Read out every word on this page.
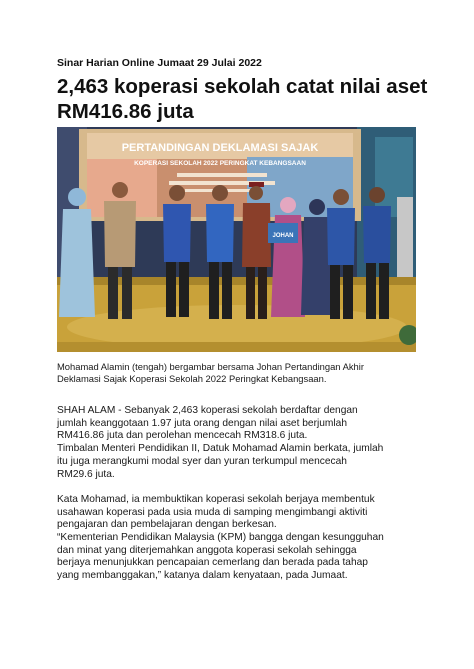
Sinar Harian Online Jumaat 29 Julai 2022
2,463 koperasi sekolah catat nilai aset
RM416.86 juta
PERTANDINGAN DEKLAMASI SAJAK
KOPERASI SEKOLAH 2022 PERINGKAT KEBANGSAAN
JOHAN

Mohamad Alamin (tengah) bergambar bersama Johan Pertandingan Akhir

Deklamasi Sajak Koperasi Sekolah 2022 Peringkat Kebangsaan.

SHAH ALAM - Sebanyak 2,463 koperasi sekolah berdaftar dengan

jumlah keanggotaan 1.97 juta orang dengan nilai aset berjumlah

RM416.86 juta dan perolehan mencecah RM318.6 juta.

Timbalan Menteri Pendidikan II, Datuk Mohamad Alamin berkata, jumlah

itu juga merangkumi modal syer dan yuran terkumpul mencecah

RM29.6 juta.

Kata Mohamad, ia membuktikan koperasi sekolah berjaya membentuk

usahawan koperasi pada usia muda di samping mengimbangi aktiviti

pengajaran dan pembelajaran dengan berkesan.

“Kementerian Pendidikan Malaysia (KPM) bangga dengan kesungguhan

dan minat yang diterjemahkan anggota koperasi sekolah sehingga

berjaya menunjukkan pencapaian cemerlang dan berada pada tahap

yang membanggakan,” katanya dalam kenyataan, pada Jumaat.
